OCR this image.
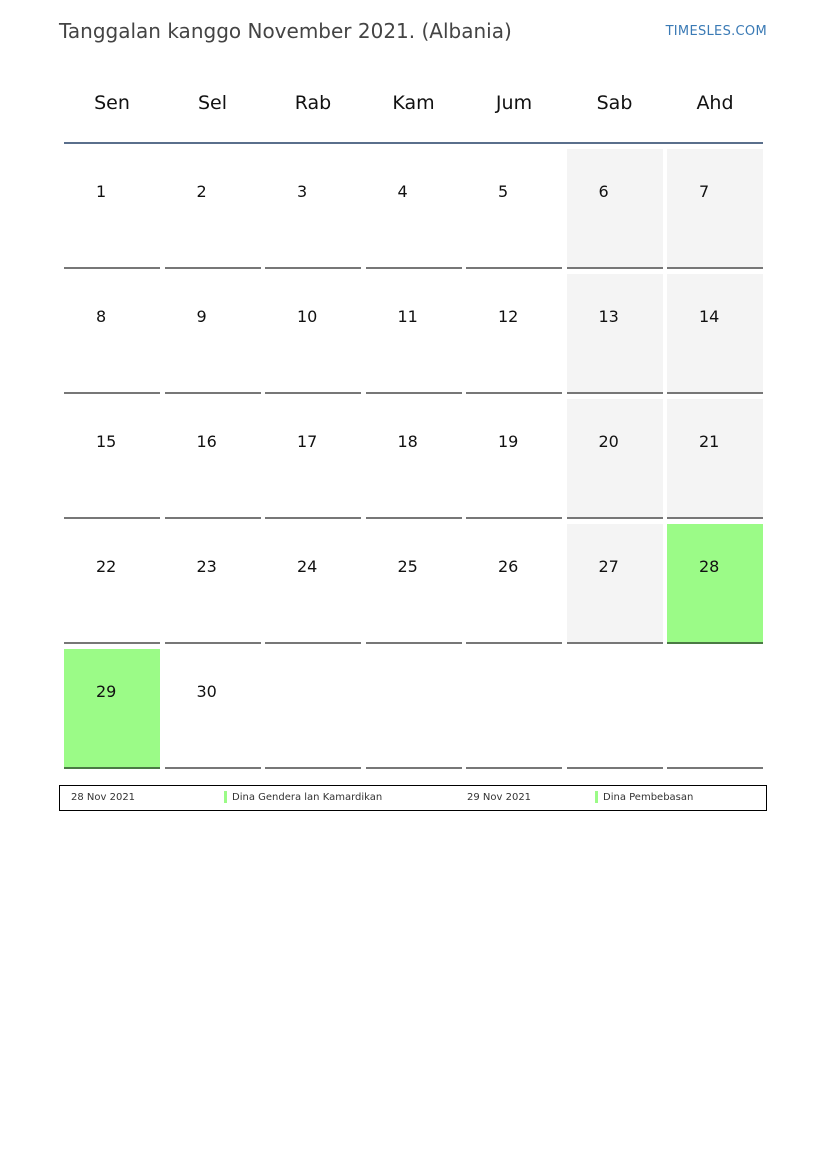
Tanggalan kanggo November 2021. (Albania)	TIMESLES.COM
Sen	Sel	Rab	Kam	Jum	Sab	Ahd
1	2	3	4	5	6	7
8	9	10	11	12	13	14
15	16	17	18	19	20	21
22	23	24	25	26	27	28
29	30
28 Nov 2021	Dina Gendera lan Kamardikan	29 Nov 2021	Dina Pembebasan
